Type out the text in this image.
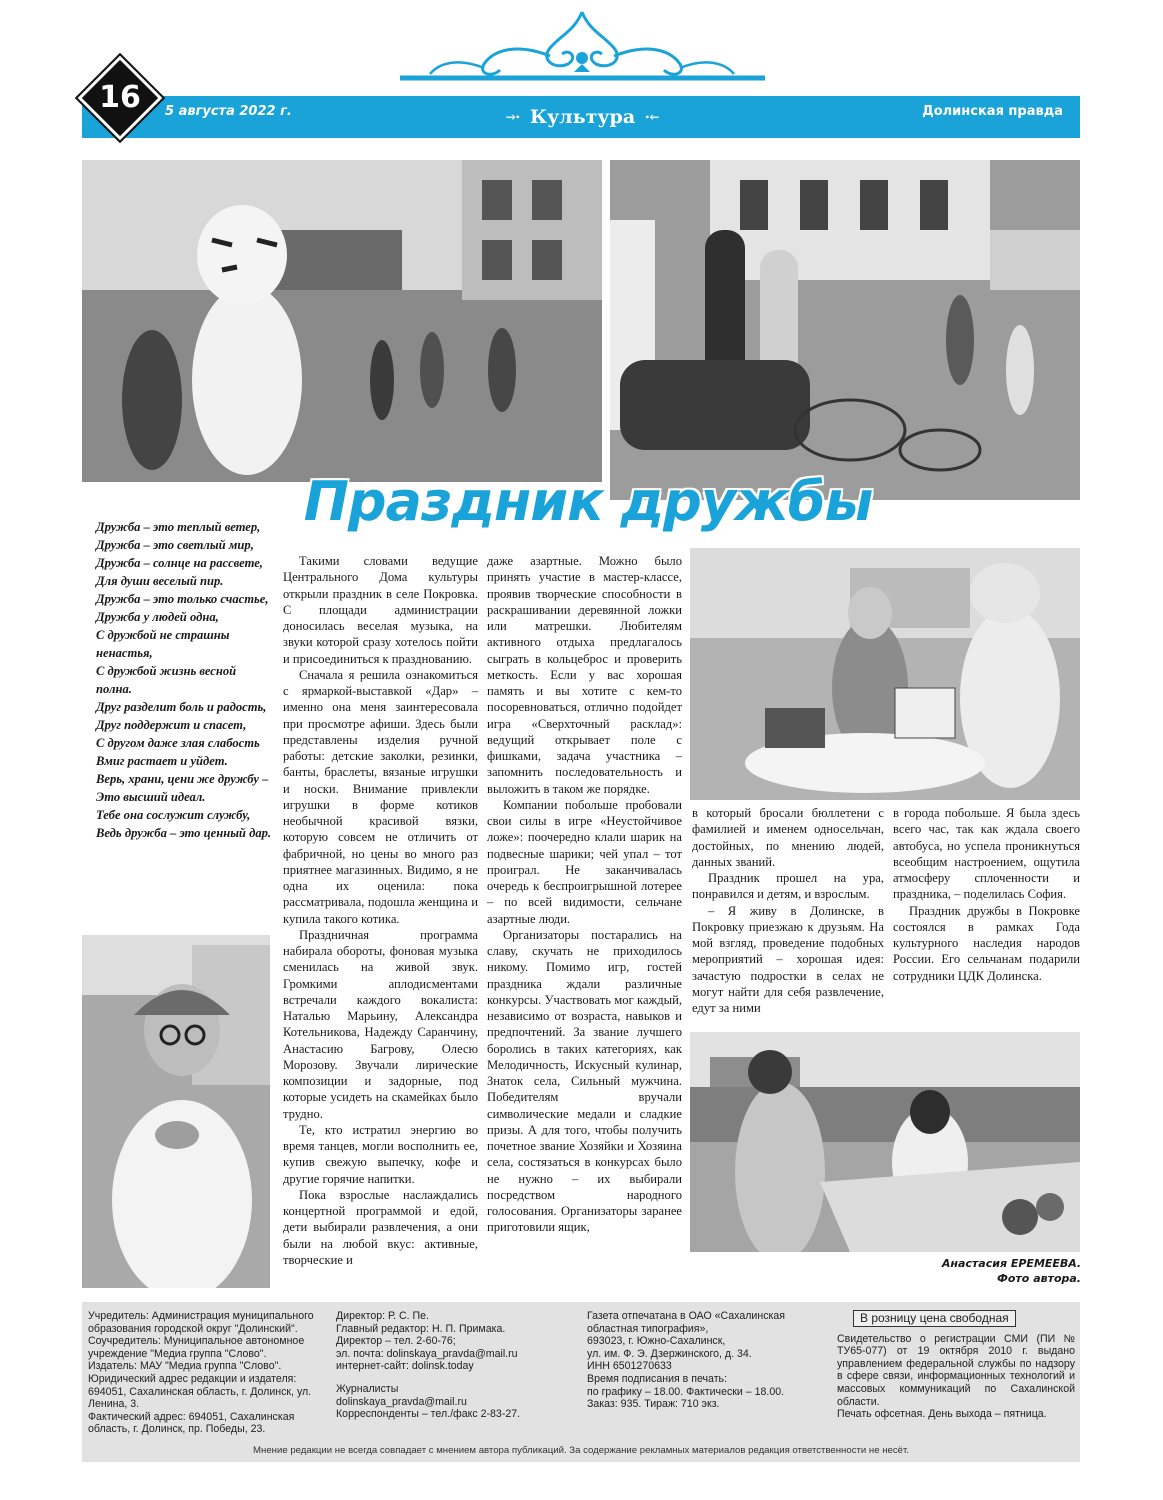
16	5 августа 2022 г.	⇝• Культура •⇜	Долинская правда
Праздник дружбы

Дружба – это теплый ветер,

Дружба – это светлый мир,

Дружба – солнце на рассвете,

Для души веселый пир.

Дружба – это только счастье,

Дружба у людей одна,

С дружбой не страшны ненастья,

С дружбой жизнь весной полна.

Друг разделит боль и радость,

Друг поддержит и спасет,

С другом даже злая слабость

Вмиг растает и уйдет.

Верь, храни, цени же дружбу –

Это высший идеал.

Тебе она сослужит службу,

Ведь дружба – это ценный дар.

Такими словами ведущие Центрального Дома культуры открыли праздник в селе Покровка. С площади администрации доносилась веселая музыка, на звуки которой сразу хотелось пойти и присоединиться к празднованию.

Сначала я решила ознакомиться с ярмаркой-выставкой «Дар» – именно она меня заинтересовала при просмотре афиши. Здесь были представлены изделия ручной работы: детские заколки, резинки, банты, браслеты, вязаные игрушки и носки. Внимание привлекли игрушки в форме котиков необычной красивой вязки, которую совсем не отличить от фабричной, но цены во много раз приятнее магазинных. Видимо, я не одна их оценила: пока рассматривала, подошла женщина и купила такого котика.

Праздничная программа набирала обороты, фоновая музыка сменилась на живой звук. Громкими аплодисментами встречали каждого вокалиста: Наталью Марьину, Александра Котельникова, Надежду Саранчину, Анастасию Багрову, Олесю Морозову. Звучали лирические композиции и задорные, под которые усидеть на скамейках было трудно.

Те, кто истратил энергию во время танцев, могли восполнить ее, купив свежую выпечку, кофе и другие горячие напитки.

Пока взрослые наслаждались концертной программой и едой, дети выбирали развлечения, а они были на любой вкус: активные, творческие и

даже азартные. Можно было принять участие в мастер-классе, проявив творческие способности в раскрашивании деревянной ложки или матрешки. Любителям активного отдыха предлагалось сыграть в кольцеброс и проверить меткость. Если у вас хорошая память и вы хотите с кем-то посоревноваться, отлично подойдет игра «Сверхточный расклад»: ведущий открывает поле с фишками, задача участника – запомнить последовательность и выложить в таком же порядке.

Компании побольше пробовали свои силы в игре «Неустойчивое ложе»: поочередно клали шарик на подвесные шарики; чей упал – тот проиграл. Не заканчивалась очередь к беспроигрышной лотерее – по всей видимости, сельчане азартные люди.

Организаторы постарались на славу, скучать не приходилось никому. Помимо игр, гостей праздника ждали различные конкурсы. Участвовать мог каждый, независимо от возраста, навыков и предпочтений. За звание лучшего боролись в таких категориях, как Мелодичность, Искусный кулинар, Знаток села, Сильный мужчина. Победителям вручали символические медали и сладкие призы. А для того, чтобы получить почетное звание Хозяйки и Хозяина села, состязаться в конкурсах было не нужно – их выбирали посредством народного голосования. Организаторы заранее приготовили ящик,

в который бросали бюллетени с фамилией и именем односельчан, достойных, по мнению людей, данных званий.

Праздник прошел на ура, понравился и детям, и взрослым.

– Я живу в Долинске, в Покровку приезжаю к друзьям. На мой взгляд, проведение подобных мероприятий – хорошая идея: зачастую подростки в селах не могут найти для себя развлечение, едут за ними

в города побольше. Я была здесь всего час, так как ждала своего автобуса, но успела проникнуться всеобщим настроением, ощутила атмосферу сплоченности и праздника, – поделилась София.

Праздник дружбы в Покровке состоялся в рамках Года культурного наследия народов России. Его сельчанам подарили сотрудники ЦДК Долинска.

Анастасия ЕРЕМЕЕВА.
Фото автора.

Учредитель: Администрация муниципального образования городской округ "Долинский".

Соучредитель: Муниципальное автономное учреждение "Медиа группа "Слово".

Издатель: МАУ "Медиа группа "Слово".

Юридический адрес редакции и издателя: 694051, Сахалинская область, г. Долинск, ул. Ленина, 3.

Фактический адрес: 694051, Сахалинская область, г. Долинск, пр. Победы, 23.

Директор: Р. С. Пе.

Главный редактор: Н. П. Примака.

Директор – тел. 2-60-76;

эл. почта: dolinskaya_pravda@mail.ru

интернет-сайт: dolinsk.today

Журналисты

dolinskaya_pravda@mail.ru

Корреспонденты – тел./факс 2-83-27.

Газета отпечатана в ОАО «Сахалинская областная типография»,

693023, г. Южно-Сахалинск,

ул. им. Ф. Э. Дзержинского, д. 34.

ИНН 6501270633

Время подписания в печать:

по графику – 18.00. Фактически – 18.00.

Заказ: 935. Тираж: 710 экз.

В розницу цена свободная

Свидетельство о регистрации СМИ (ПИ № ТУ65-077) от 19 октября 2010 г. выдано управлением федеральной службы по надзору в сфере связи, информационных технологий и массовых коммуникаций по Сахалинской области.

Печать офсетная. День выхода – пятница.

Мнение редакции не всегда совпадает с мнением автора публикаций. За содержание рекламных материалов редакция ответственности не несёт.
